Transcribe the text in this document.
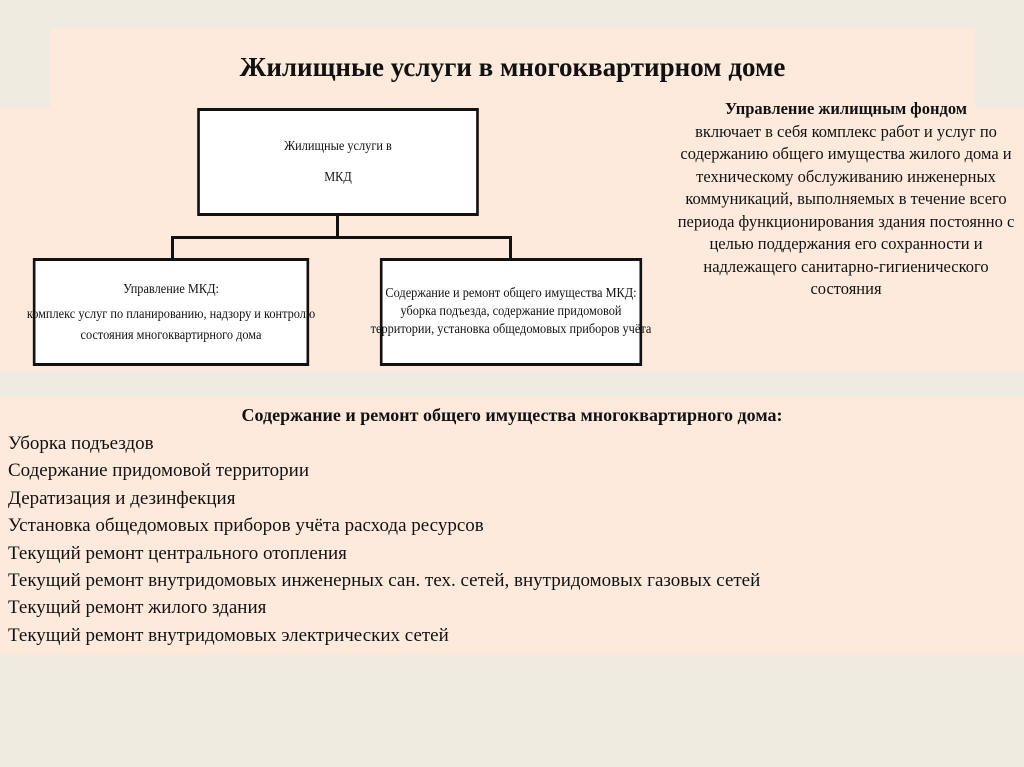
Жилищные услуги в многоквартирном доме
Жилищные услуги в
МКД
Управление МКД:
комплекс услуг по планированию, надзору и контролю состояния многоквартирного дома
Содержание и ремонт общего имущества МКД:
уборка подъезда, содержание придомовой территории, установка общедомовых приборов учёта
Управление жилищным фондом
включает в себя комплекс работ и услуг по содержанию общего имущества жилого дома и техническому обслуживанию инженерных коммуникаций, выполняемых в течение всего периода функционирования здания постоянно с целью поддержания его сохранности и надлежащего санитарно-гигиенического состояния
Содержание и ремонт общего имущества многоквартирного дома:
Уборка подъездов
Содержание придомовой территории
Дератизация и дезинфекция
Установка общедомовых приборов учёта расхода ресурсов
Текущий ремонт центрального отопления
Текущий ремонт внутридомовых инженерных сан. тех. сетей, внутридомовых газовых сетей
Текущий ремонт жилого здания
Текущий ремонт внутридомовых электрических сетей
